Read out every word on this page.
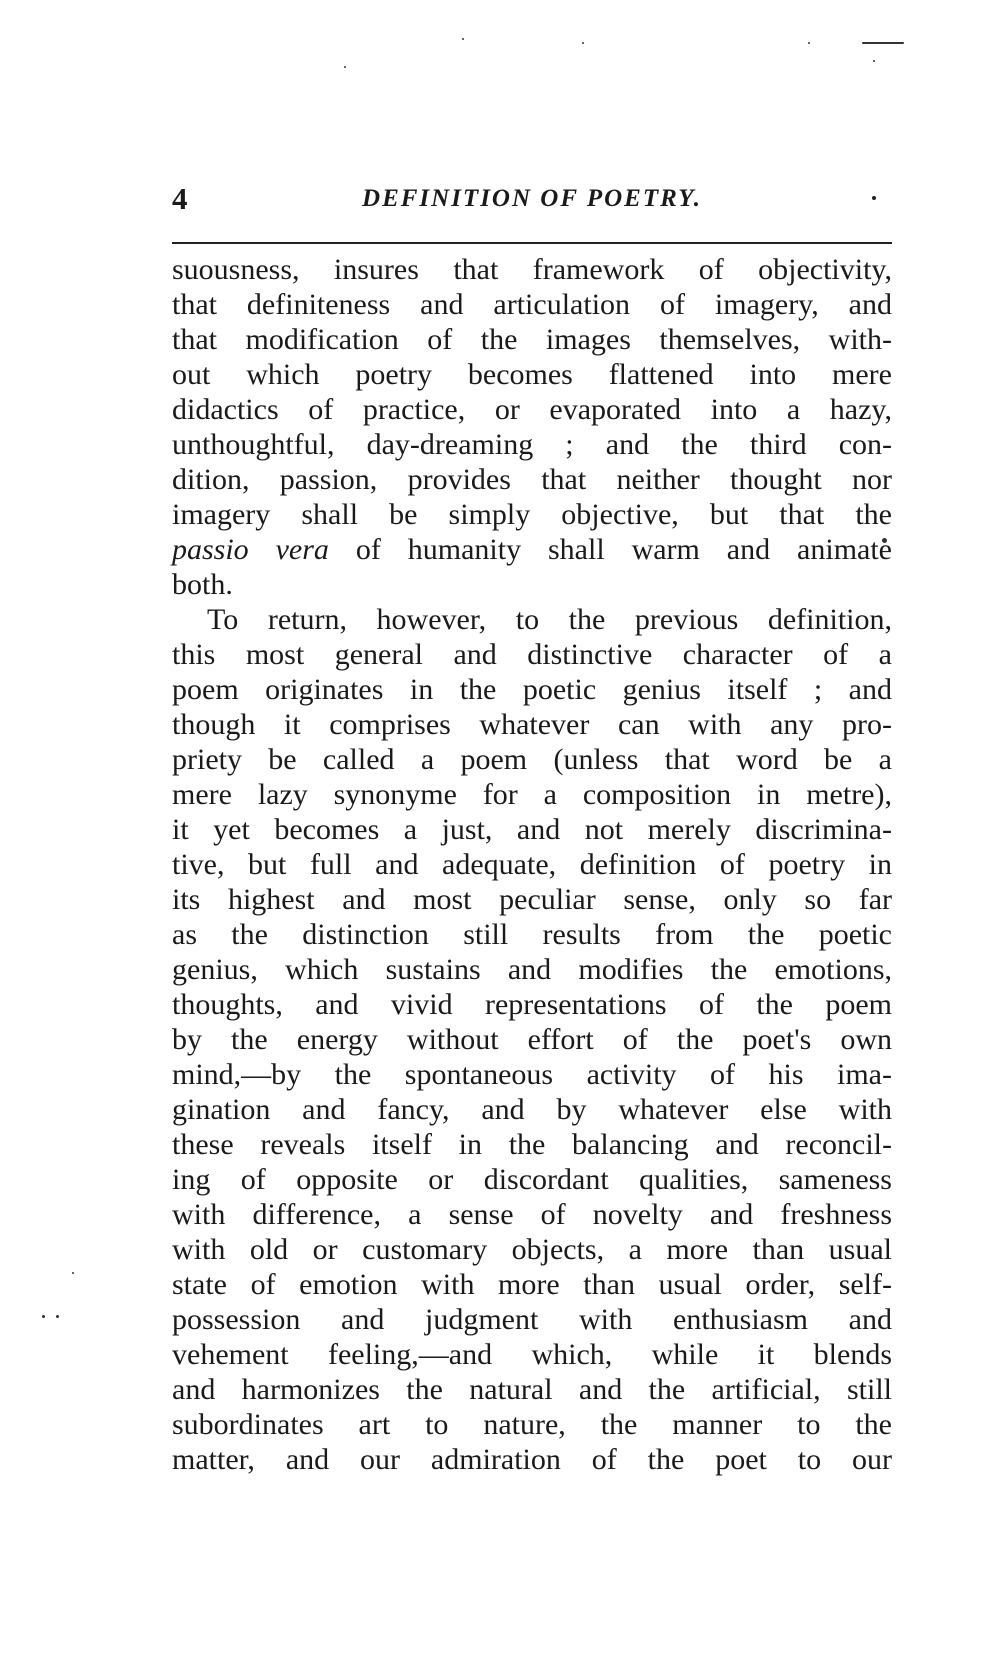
4	DEFINITION OF POETRY.
suousness, insures that framework of objectivity,
that definiteness and articulation of imagery, and
that modification of the images themselves, with-
out which poetry becomes flattened into mere
didactics of practice, or evaporated into a hazy,
unthoughtful, day-dreaming ; and the third con-
dition, passion, provides that neither thought nor
imagery shall be simply objective, but that the
passio vera of humanity shall warm and animate
both.
To return, however, to the previous definition,
this most general and distinctive character of a
poem originates in the poetic genius itself ; and
though it comprises whatever can with any pro-
priety be called a poem (unless that word be a
mere lazy synonyme for a composition in metre),
it yet becomes a just, and not merely discrimina-
tive, but full and adequate, definition of poetry in
its highest and most peculiar sense, only so far
as the distinction still results from the poetic
genius, which sustains and modifies the emotions,
thoughts, and vivid representations of the poem
by the energy without effort of the poet's own
mind,—by the spontaneous activity of his ima-
gination and fancy, and by whatever else with
these reveals itself in the balancing and reconcil-
ing of opposite or discordant qualities, sameness
with difference, a sense of novelty and freshness
with old or customary objects, a more than usual
state of emotion with more than usual order, self-
possession and judgment with enthusiasm and
vehement feeling,—and which, while it blends
and harmonizes the natural and the artificial, still
subordinates art to nature, the manner to the
matter, and our admiration of the poet to our
